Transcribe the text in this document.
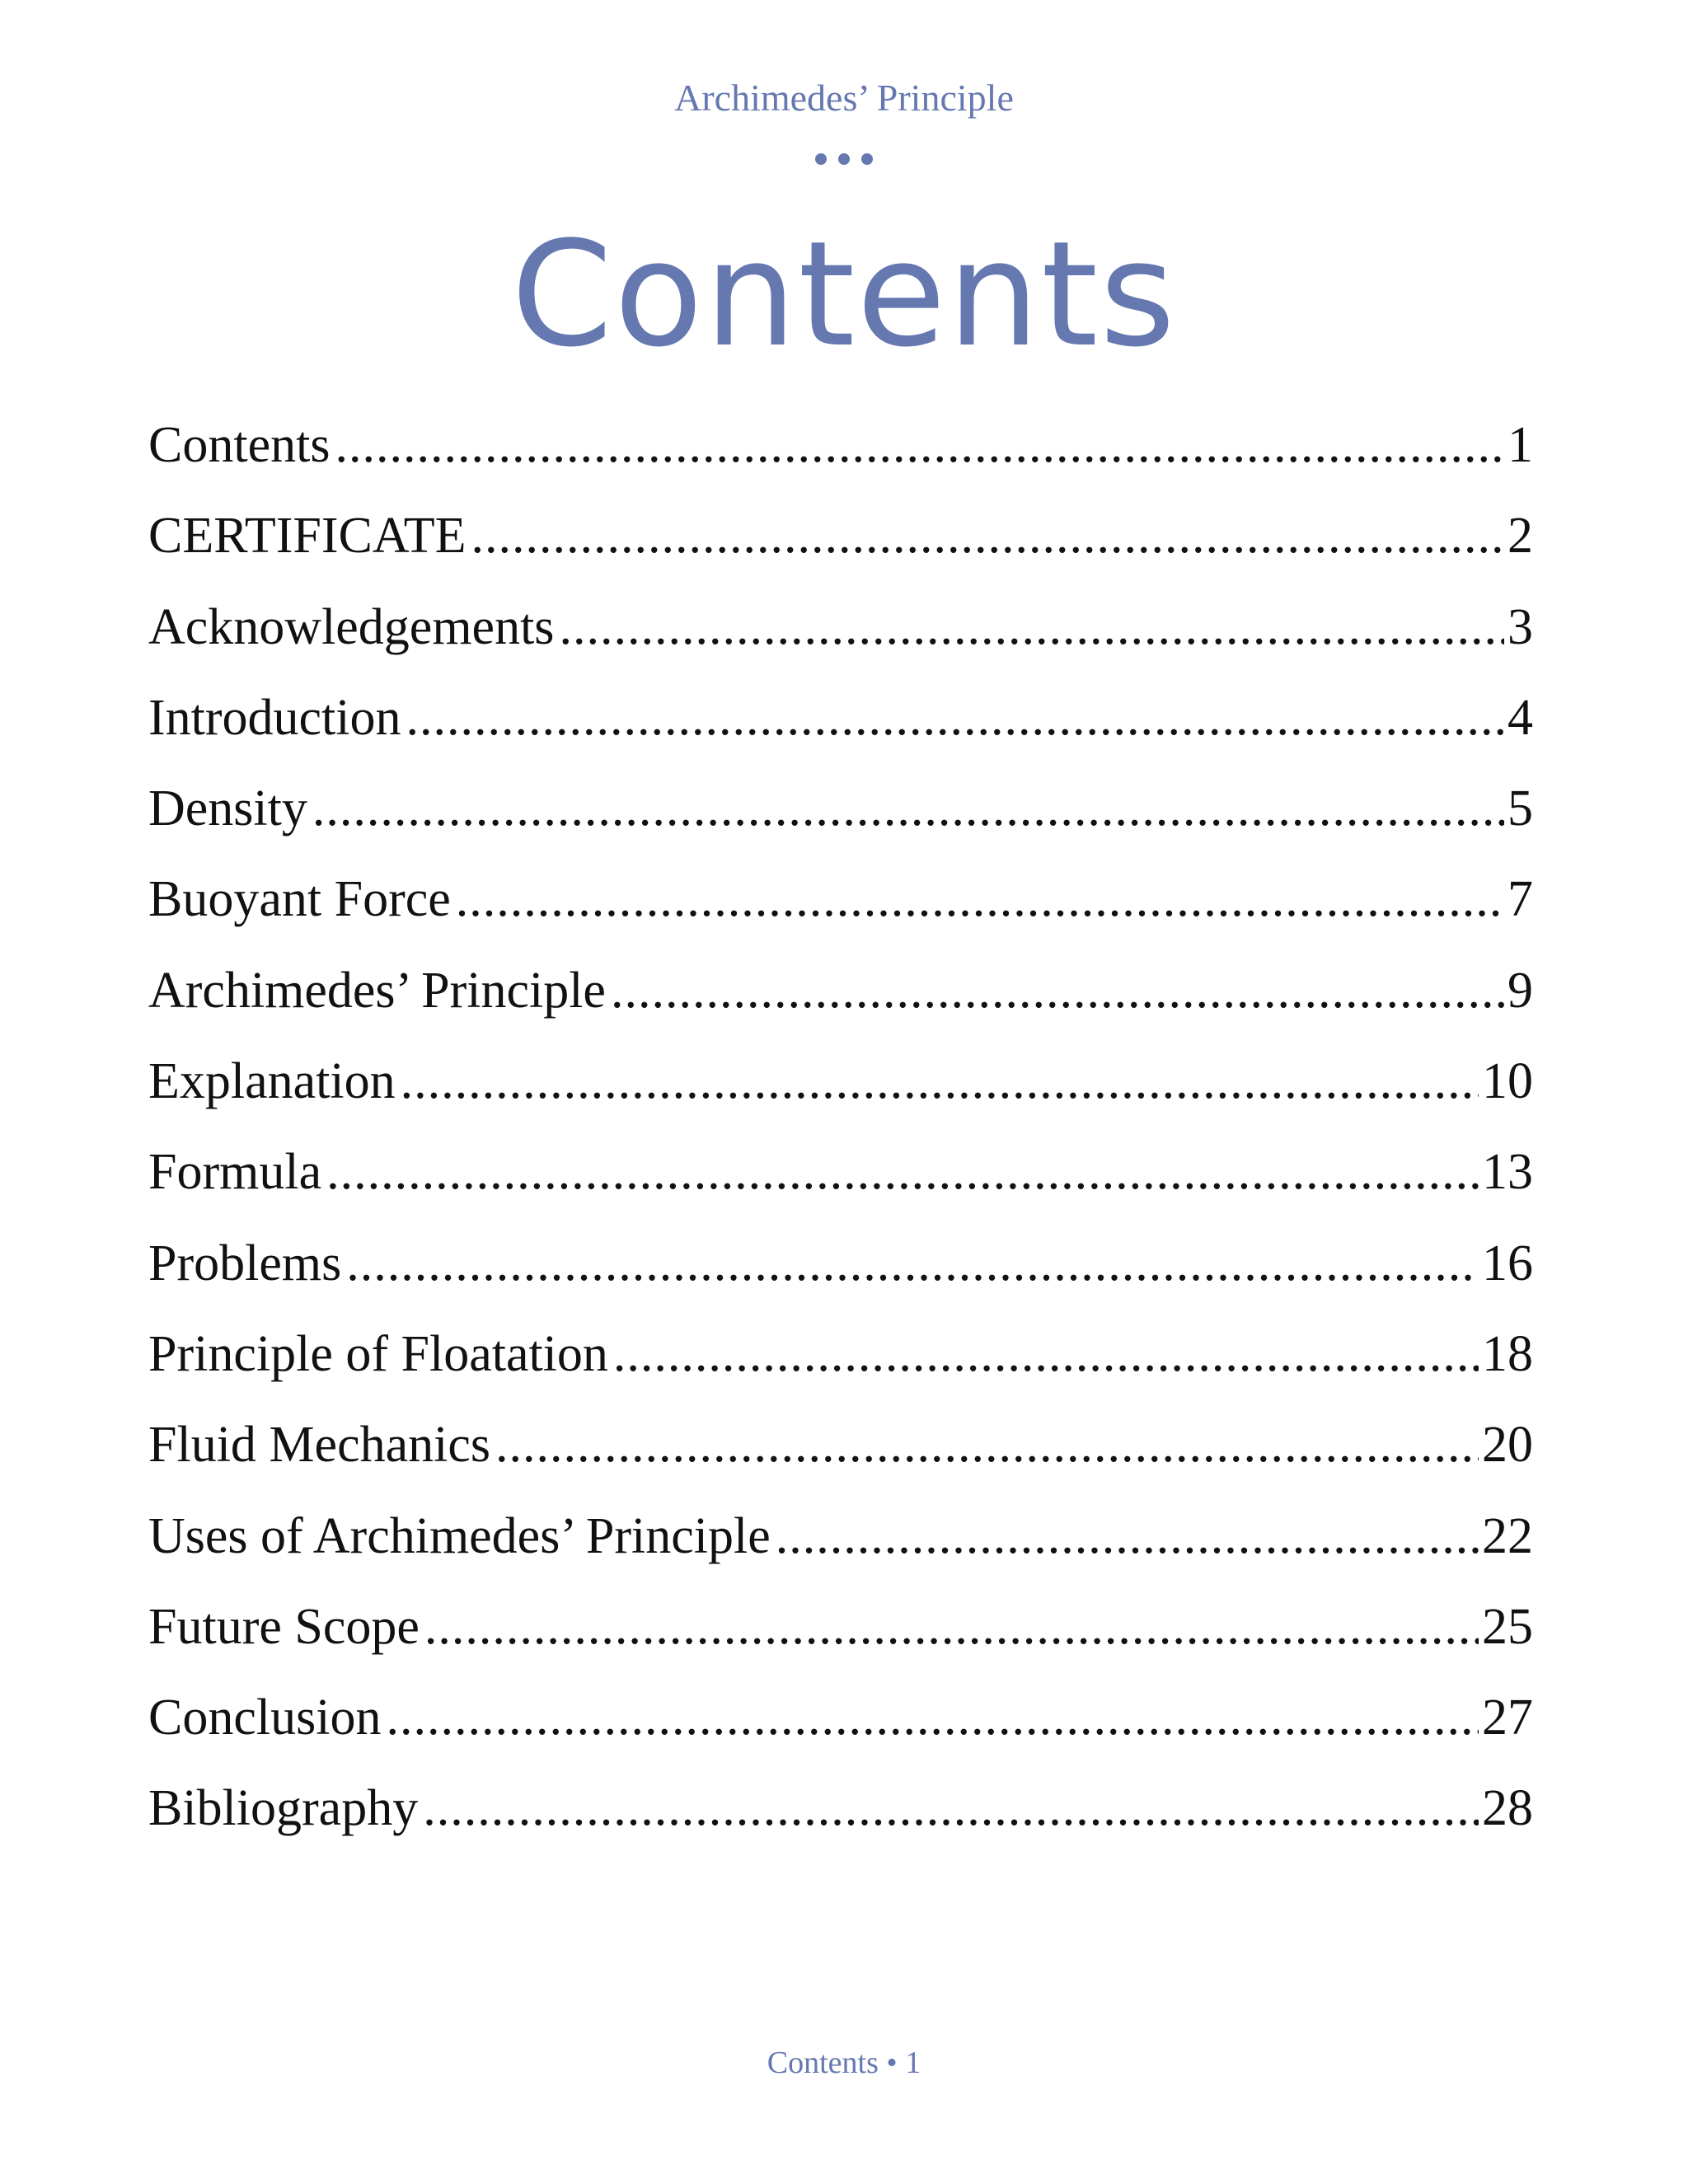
Archimedes’ Principle
Contents
Contents .....	1
CERTIFICATE .....	2
Acknowledgements .....	3
Introduction .....	4
Density .....	5
Buoyant Force .....	7
Archimedes’ Principle .....	9
Explanation .....	10
Formula .....	13
Problems .....	16
Principle of Floatation .....	18
Fluid Mechanics .....	20
Uses of Archimedes’ Principle .....	22
Future Scope .....	25
Conclusion .....	27
Bibliography .....	28
Contents • 1
